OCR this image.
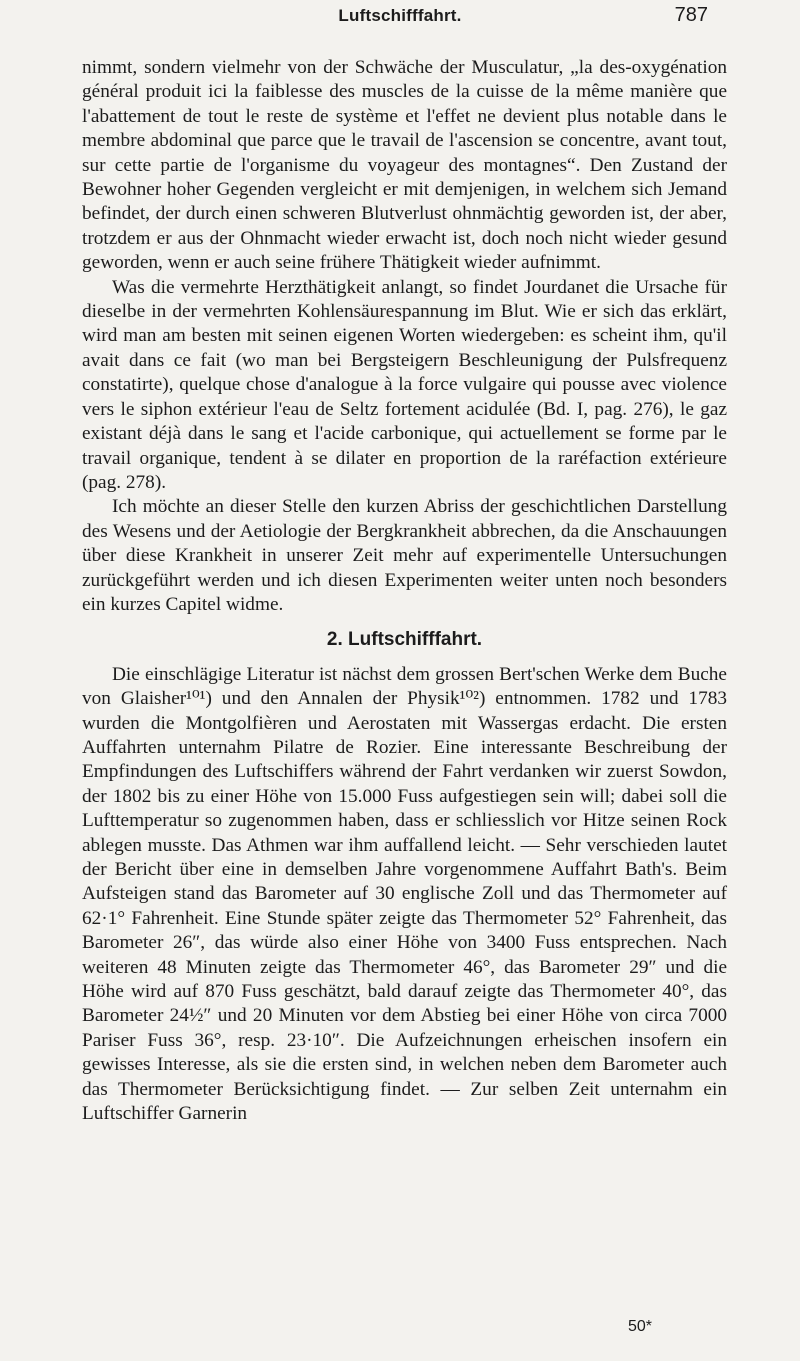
Luftschifffahrt.	787

nimmt, sondern vielmehr von der Schwäche der Musculatur, „la des-oxygénation général produit ici la faiblesse des muscles de la cuisse de la même manière que l'abattement de tout le reste de système et l'effet ne devient plus notable dans le membre abdominal que parce que le travail de l'ascension se concentre, avant tout, sur cette partie de l'organisme du voyageur des montagnes“. Den Zustand der Bewohner hoher Gegenden vergleicht er mit demjenigen, in welchem sich Jemand befindet, der durch einen schweren Blutverlust ohnmächtig geworden ist, der aber, trotzdem er aus der Ohnmacht wieder erwacht ist, doch noch nicht wieder gesund geworden, wenn er auch seine frühere Thätigkeit wieder aufnimmt.

Was die vermehrte Herzthätigkeit anlangt, so findet Jourdanet die Ursache für dieselbe in der vermehrten Kohlensäurespannung im Blut. Wie er sich das erklärt, wird man am besten mit seinen eigenen Worten wiedergeben: es scheint ihm, qu'il avait dans ce fait (wo man bei Bergsteigern Beschleunigung der Pulsfrequenz constatirte), quelque chose d'analogue à la force vulgaire qui pousse avec violence vers le siphon extérieur l'eau de Seltz fortement acidulée (Bd. I, pag. 276), le gaz existant déjà dans le sang et l'acide carbonique, qui actuellement se forme par le travail organique, tendent à se dilater en proportion de la raréfaction extérieure (pag. 278).

Ich möchte an dieser Stelle den kurzen Abriss der geschichtlichen Darstellung des Wesens und der Aetiologie der Bergkrankheit abbrechen, da die Anschauungen über diese Krankheit in unserer Zeit mehr auf experimentelle Untersuchungen zurückgeführt werden und ich diesen Experimenten weiter unten noch besonders ein kurzes Capitel widme.

2. Luftschifffahrt.

Die einschlägige Literatur ist nächst dem grossen Bert'schen Werke dem Buche von Glaisher¹⁰¹) und den Annalen der Physik¹⁰²) entnommen. 1782 und 1783 wurden die Montgolfièren und Aerostaten mit Wassergas erdacht. Die ersten Auffahrten unternahm Pilatre de Rozier. Eine interessante Beschreibung der Empfindungen des Luftschiffers während der Fahrt verdanken wir zuerst Sowdon, der 1802 bis zu einer Höhe von 15.000 Fuss aufgestiegen sein will; dabei soll die Lufttemperatur so zugenommen haben, dass er schliesslich vor Hitze seinen Rock ablegen musste. Das Athmen war ihm auffallend leicht. — Sehr verschieden lautet der Bericht über eine in demselben Jahre vorgenommene Auffahrt Bath's. Beim Aufsteigen stand das Barometer auf 30 englische Zoll und das Thermometer auf 62·1° Fahrenheit. Eine Stunde später zeigte das Thermometer 52° Fahrenheit, das Barometer 26″, das würde also einer Höhe von 3400 Fuss entsprechen. Nach weiteren 48 Minuten zeigte das Thermometer 46°, das Barometer 29″ und die Höhe wird auf 870 Fuss geschätzt, bald darauf zeigte das Thermometer 40°, das Barometer 24½″ und 20 Minuten vor dem Abstieg bei einer Höhe von circa 7000 Pariser Fuss 36°, resp. 23·10″. Die Aufzeichnungen erheischen insofern ein gewisses Interesse, als sie die ersten sind, in welchen neben dem Barometer auch das Thermometer Berücksichtigung findet. — Zur selben Zeit unternahm ein Luftschiffer Garnerin

50*
